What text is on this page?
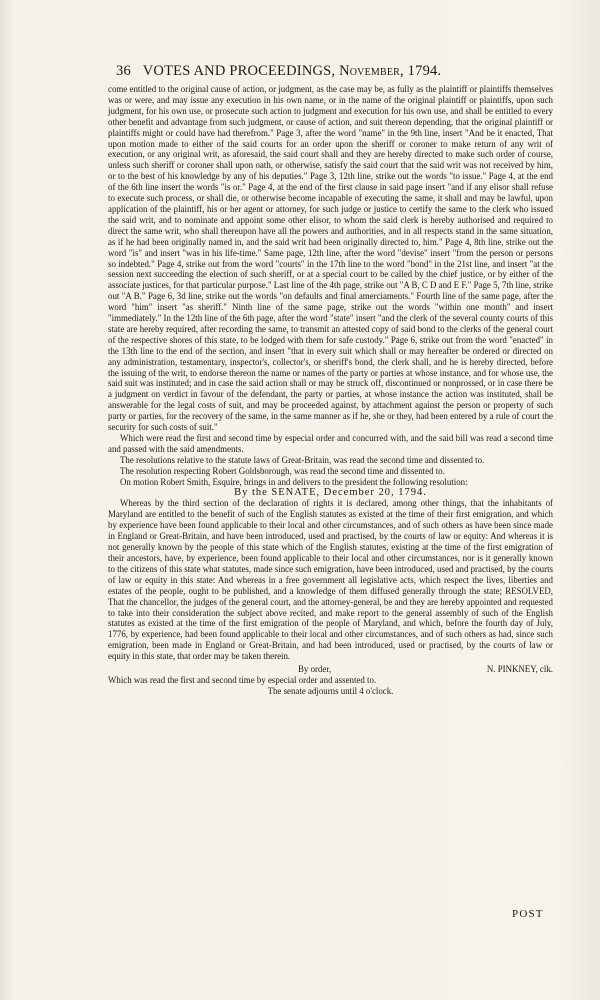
36 VOTES AND PROCEEDINGS, November, 1794.

come entitled to the original cause of action, or judgment, as the case may be, as fully as the plaintiff or plaintiffs themselves was or were, and may issue any execution in his own name, or in the name of the original plaintiff or plaintiffs, upon such judgment, for his own use, or prosecute such action to judgment and execution for his own use, and shall be entitled to every other benefit and advantage from such judgment, or cause of action, and suit thereon depending, that the original plaintiff or plaintiffs might or could have had therefrom." Page 3, after the word "name" in the 9th line, insert "And be it enacted, That upon motion made to either of the said courts for an order upon the sheriff or coroner to make return of any writ of execution, or any original writ, as aforesaid, the said court shall and they are hereby directed to make such order of course, unless such sheriff or coroner shall upon oath, or otherwise, satisfy the said court that the said writ was not received by him, or to the best of his knowledge by any of his deputies." Page 3, 12th line, strike out the words "to issue." Page 4, at the end of the 6th line insert the words "is or." Page 4, at the end of the first clause in said page insert "and if any elisor shall refuse to execute such process, or shall die, or otherwise become incapable of executing the same, it shall and may be lawful, upon application of the plaintiff, his or her agent or attorney, for such judge or justice to certify the same to the clerk who issued the said writ, and to nominate and appoint some other elisor, to whom the said clerk is hereby authorised and required to direct the same writ, who shall thereupon have all the powers and authorities, and in all respects stand in the same situation, as if he had been originally named in, and the said writ had been originally directed to, him." Page 4, 8th line, strike out the word "is" and insert "was in his life-time." Same page, 12th line, after the word "devise" insert "from the person or persons so indebted." Page 4, strike out from the word "courts" in the 17th line to the word "bond" in the 21st line, and insert "at the session next succeeding the election of such sheriff, or at a special court to be called by the chief justice, or by either of the associate justices, for that particular purpose." Last line of the 4th page, strike out "A B, C D and E F." Page 5, 7th line, strike out "A B." Page 6, 3d line, strike out the words "on defaults and final amerciaments." Fourth line of the same page, after the word "him" insert "as sheriff." Ninth line of the same page, strike out the words "within one month" and insert "immediately." In the 12th line of the 6th page, after the word "state" insert "and the clerk of the several county courts of this state are hereby required, after recording the same, to transmit an attested copy of said bond to the clerks of the general court of the respective shores of this state, to be lodged with them for safe custody." Page 6, strike out from the word "enacted" in the 13th line to the end of the section, and insert "that in every suit which shall or may hereafter be ordered or directed on any administration, testamentary, inspector's, collector's, or sheriff's bond, the clerk shall, and he is hereby directed, before the issuing of the writ, to endorse thereon the name or names of the party or parties at whose instance, and for whose use, the said suit was instituted; and in case the said action shall or may be struck off, discontinued or nonprossed, or in case there be a judgment on verdict in favour of the defendant, the party or parties, at whose instance the action was instituted, shall be answerable for the legal costs of suit, and may be proceeded against, by attachment against the person or property of such party or parties, for the recovery of the same, in the same manner as if he, she or they, had been entered by a rule of court the security for such costs of suit."

Which were read the first and second time by especial order and concurred with, and the said bill was read a second time and passed with the said amendments.

The resolutions relative to the statute laws of Great-Britain, was read the second time and dissented to.

The resolution respecting Robert Goldsborough, was read the second time and dissented to.

On motion Robert Smith, Esquire, brings in and delivers to the president the following resolution:

By the SENATE, December 20, 1794.

Whereas by the third section of the declaration of rights it is declared, among other things, that the inhabitants of Maryland are entitled to the benefit of such of the English statutes as existed at the time of their first emigration, and which by experience have been found applicable to their local and other circumstances, and of such others as have been since made in England or Great-Britain, and have been introduced, used and practised, by the courts of law or equity: And whereas it is not generally known by the people of this state which of the English statutes, existing at the time of the first emigration of their ancestors, have, by experience, been found applicable to their local and other circumstances, nor is it generally known to the citizens of this state what statutes, made since such emigration, have been introduced, used and practised, by the courts of law or equity in this state: And whereas in a free government all legislative acts, which respect the lives, liberties and estates of the people, ought to be published, and a knowledge of them diffused generally through the state; RESOLVED, That the chancellor, the judges of the general court, and the attorney-general, be and they are hereby appointed and requested to take into their consideration the subject above recited, and make report to the general assembly of such of the English statutes as existed at the time of the first emigration of the people of Maryland, and which, before the fourth day of July, 1776, by experience, had been found applicable to their local and other circumstances, and of such others as had, since such emigration, been made in England or Great-Britain, and had been introduced, used or practised, by the courts of law or equity in this state, that order may be taken therein.

By order,	N. PINKNEY, clk.

Which was read the first and second time by especial order and assented to.

The senate adjourns until 4 o'clock.

POST
